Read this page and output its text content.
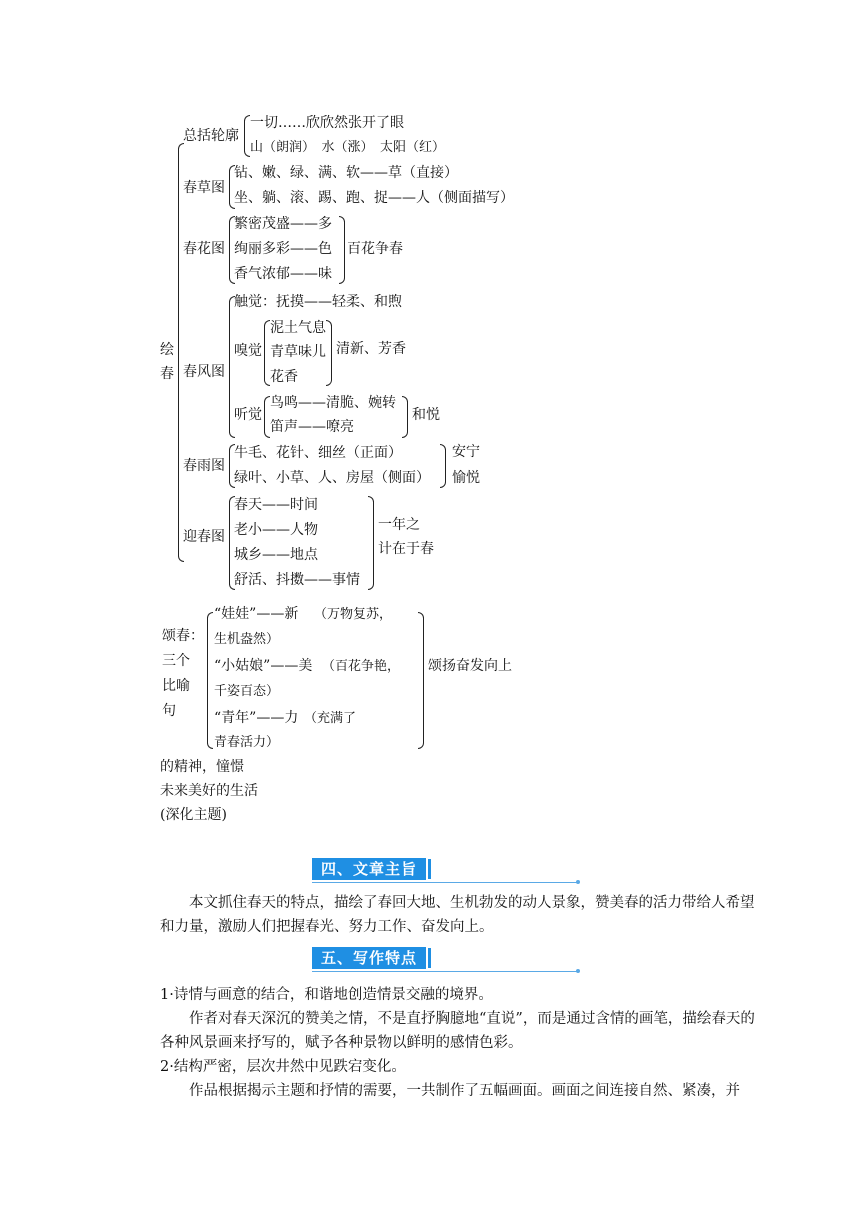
绘
春
总括轮廓
一切……欣欣然张开了眼
山（朗润）　水（涨）　太阳（红）
春草图
钻、嫩、绿、满、软——草（直接）
坐、躺、滚、踢、跑、捉——人（侧面描写）
春花图
繁密茂盛——多
绚丽多彩——色
香气浓郁——味
百花争春
春风图
触觉：抚摸——轻柔、和煦
嗅觉
泥土气息
青草味儿
花香
清新、芳香
听觉
鸟鸣——清脆、婉转
笛声——嘹亮
和悦
春雨图
牛毛、花针、细丝（正面）
绿叶、小草、人、房屋（侧面）
安宁
愉悦
迎春图
春天——时间
老小——人物
城乡——地点
舒活、抖擞——事情
一年之
计在于春
颂春：
三个
比喻
句
“娃娃”——新 （万物复苏，
生机盎然）
“小姑娘”——美 （百花争艳，
千姿百态）
“青年”——力 （充满了
青春活力）
颂扬奋发向上
的精神，憧憬
未来美好的生活
(深化主题)
四、文章主旨
本文抓住春天的特点，描绘了春回大地、生机勃发的动人景象，赞美春的活力带给人希望和力量，激励人们把握春光、努力工作、奋发向上。
五、写作特点
1·诗情与画意的结合，和谐地创造情景交融的境界。
作者对春天深沉的赞美之情，不是直抒胸臆地“直说”，而是通过含情的画笔，描绘春天的各种风景画来抒写的，赋予各种景物以鲜明的感情色彩。
2·结构严密，层次井然中见跌宕变化。
作品根据揭示主题和抒情的需要，一共制作了五幅画面。画面之间连接自然、紧凑，并
